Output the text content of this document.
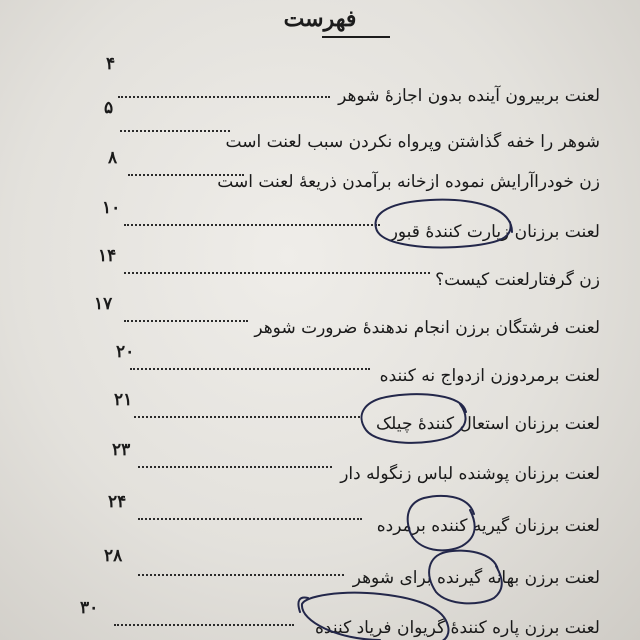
فهرست
۴
لعنت بربیرون آینده بدون اجازهٔ شوهر
۵
شوهر را خفه گذاشتن وپرواه نکردن سبب لعنت است
۸
زن خودراآرایش نموده ازخانه برآمدن ذریعهٔ لعنت است
۱۰
لعنت برزنان زیارت کنندهٔ قبور
۱۴
زن گرفتارلعنت کیست؟
۱۷
لعنت فرشتگان برزن انجام ندهندهٔ ضرورت شوهر
۲۰
لعنت برمردوزن ازدواج نه کننده
۲۱
لعنت برزنان استعال کنندهٔ چیلک
۲۳
لعنت برزنان پوشنده لباس زنگوله دار
۲۴
لعنت برزنان گیریه کننده برمرده
۲۸
لعنت برزن بهانه گیرنده برای شوهر
۳۰
لعنت برزن پاره کنندهٔ گریوان فریاد کننده
